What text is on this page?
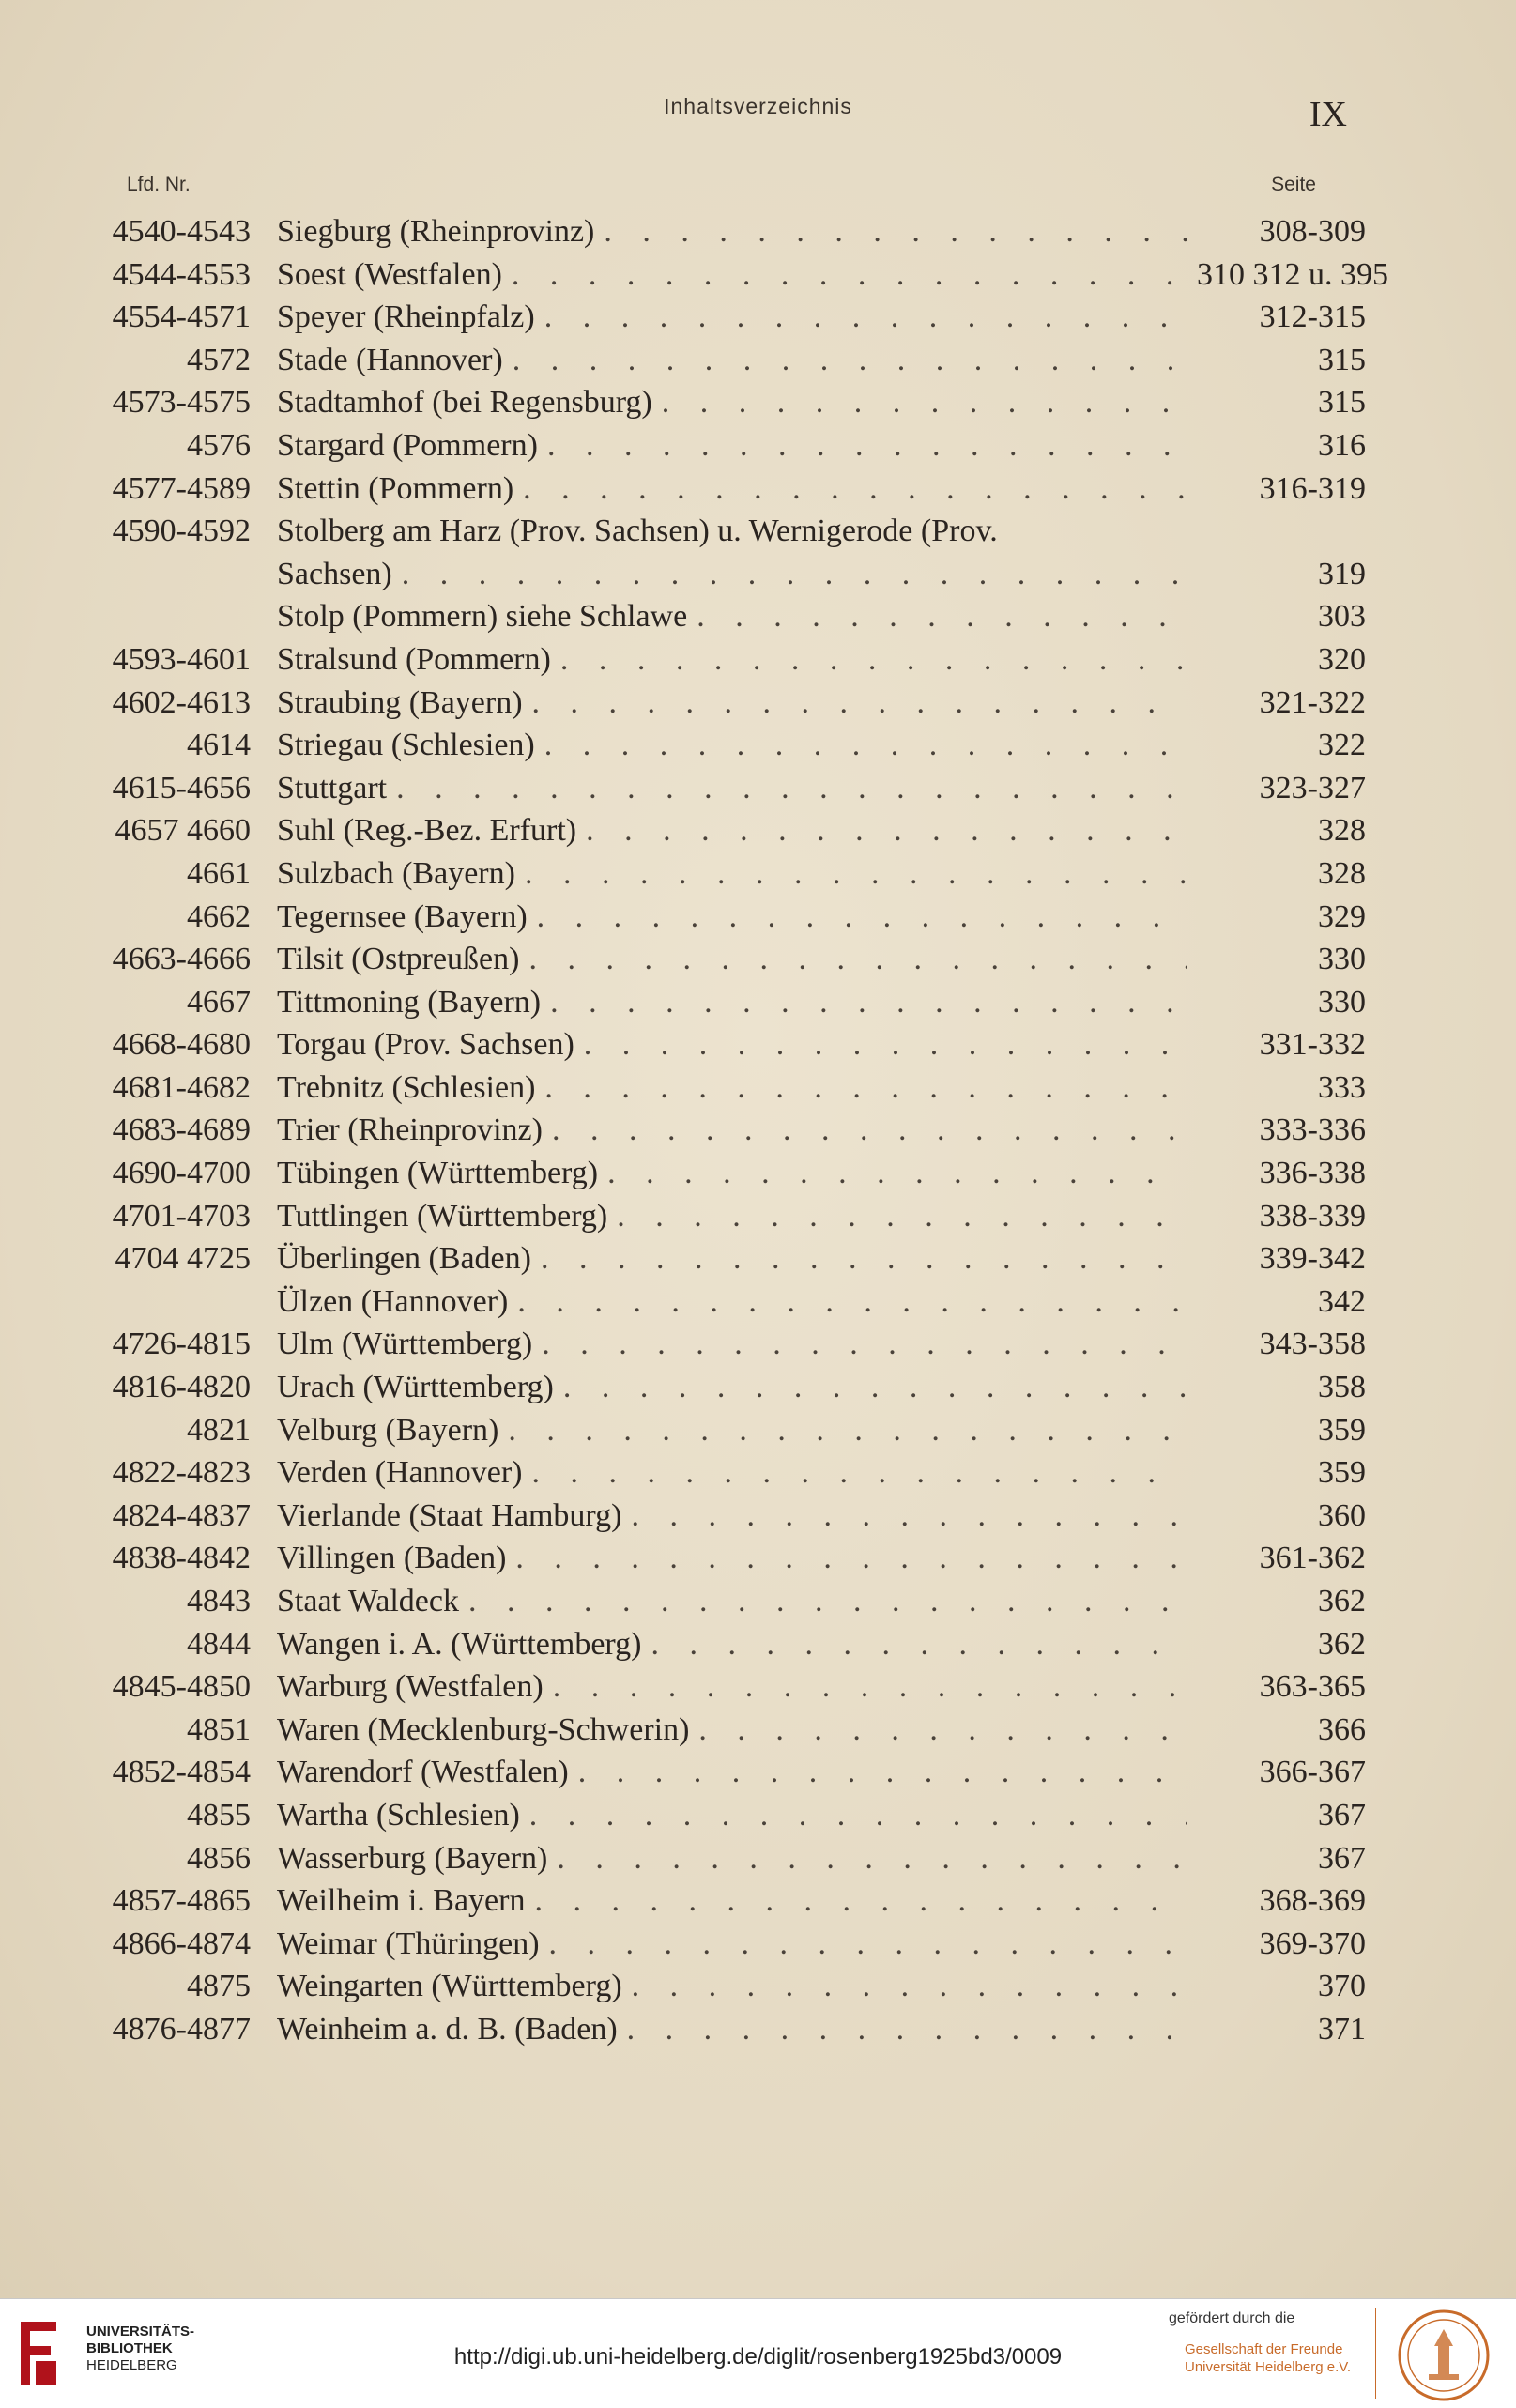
Inhaltsverzeichnis	IX
Lfd. Nr.	Seite
4540-4543 Siegburg (Rheinprovinz) . . .	308-309
4544-4553 Soest (Westfalen) . . .	310 312 u. 395
4554-4571 Speyer (Rheinpfalz) . . .	312-315
4572 Stade (Hannover) . . .	315
4573-4575 Stadtamhof (bei Regensburg) . . .	315
4576 Stargard (Pommern) . . .	316
4577-4589 Stettin (Pommern) . . .	316-319
4590-4592 Stolberg am Harz (Prov. Sachsen) u. Wernigerode (Prov.
Sachsen) . . .	319
Stolp (Pommern) siehe Schlawe . . .	303
4593-4601 Stralsund (Pommern) . . .	320
4602-4613 Straubing (Bayern) . . .	321-322
4614 Striegau (Schlesien) . . .	322
4615-4656 Stuttgart . . .	323-327
4657 4660 Suhl (Reg.-Bez. Erfurt) . . .	328
4661 Sulzbach (Bayern) . . .	328
4662 Tegernsee (Bayern) . . .	329
4663-4666 Tilsit (Ostpreußen) . . .	330
4667 Tittmoning (Bayern) . . .	330
4668-4680 Torgau (Prov. Sachsen) . . .	331-332
4681-4682 Trebnitz (Schlesien) . . .	333
4683-4689 Trier (Rheinprovinz) . . .	333-336
4690-4700 Tübingen (Württemberg) . . .	336-338
4701-4703 Tuttlingen (Württemberg) . . .	338-339
4704 4725 Überlingen (Baden) . . .	339-342
Ülzen (Hannover) . . .	342
4726-4815 Ulm (Württemberg) . . .	343-358
4816-4820 Urach (Württemberg) . . .	358
4821 Velburg (Bayern) . . .	359
4822-4823 Verden (Hannover) . . .	359
4824-4837 Vierlande (Staat Hamburg) . . .	360
4838-4842 Villingen (Baden) . . .	361-362
4843 Staat Waldeck . . .	362
4844 Wangen i. A. (Württemberg) . . .	362
4845-4850 Warburg (Westfalen) . . .	363-365
4851 Waren (Mecklenburg-Schwerin) . . .	366
4852-4854 Warendorf (Westfalen) . . .	366-367
4855 Wartha (Schlesien) . . .	367
4856 Wasserburg (Bayern) . . .	367
4857-4865 Weilheim i. Bayern . . .	368-369
4866-4874 Weimar (Thüringen) . . .	369-370
4875 Weingarten (Württemberg) . . .	370
4876-4877 Weinheim a. d. B. (Baden) . . .	371
UNIVERSITÄTS-
BIBLIOTHEK
HEIDELBERG	http://digi.ub.uni-heidelberg.de/diglit/rosenberg1925bd3/0009
gefördert durch die
Gesellschaft der Freunde
Universität Heidelberg e.V.
